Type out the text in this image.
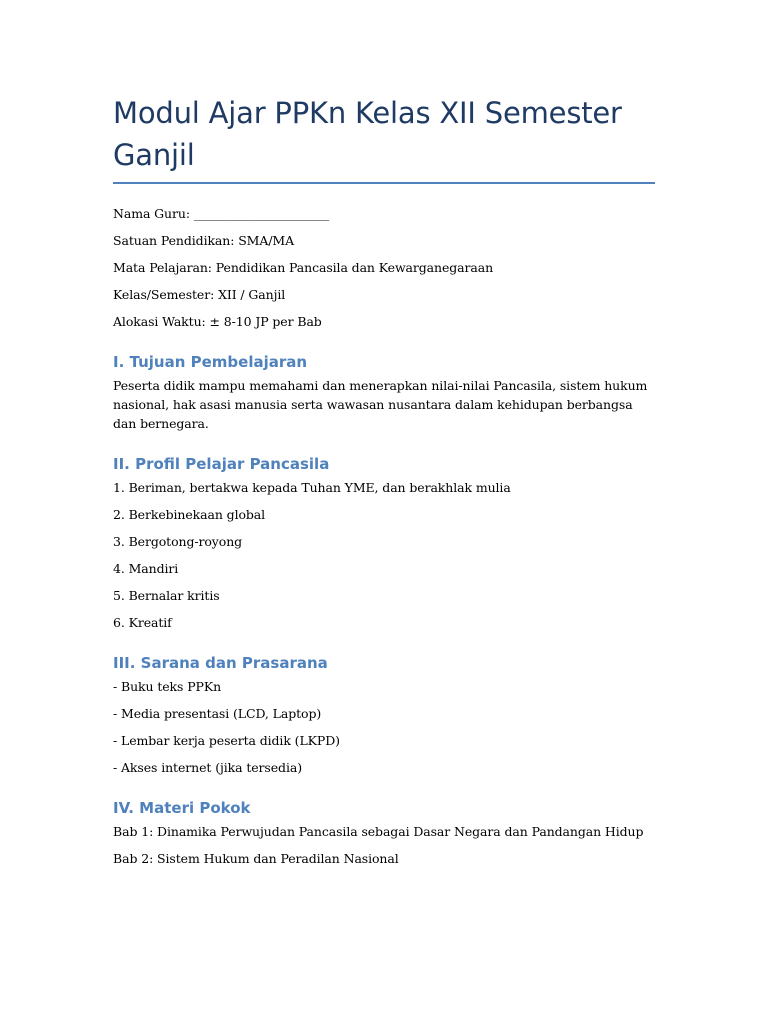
Modul Ajar PPKn Kelas XII Semester Ganjil

Nama Guru: ______________________

Satuan Pendidikan: SMA/MA

Mata Pelajaran: Pendidikan Pancasila dan Kewarganegaraan

Kelas/Semester: XII / Ganjil

Alokasi Waktu: ± 8-10 JP per Bab

I. Tujuan Pembelajaran

Peserta didik mampu memahami dan menerapkan nilai-nilai Pancasila, sistem hukum nasional, hak asasi manusia serta wawasan nusantara dalam kehidupan berbangsa dan bernegara.

II. Profil Pelajar Pancasila

1. Beriman, bertakwa kepada Tuhan YME, dan berakhlak mulia

2. Berkebinekaan global

3. Bergotong-royong

4. Mandiri

5. Bernalar kritis

6. Kreatif

III. Sarana dan Prasarana

- Buku teks PPKn

- Media presentasi (LCD, Laptop)

- Lembar kerja peserta didik (LKPD)

- Akses internet (jika tersedia)

IV. Materi Pokok

Bab 1: Dinamika Perwujudan Pancasila sebagai Dasar Negara dan Pandangan Hidup

Bab 2: Sistem Hukum dan Peradilan Nasional
